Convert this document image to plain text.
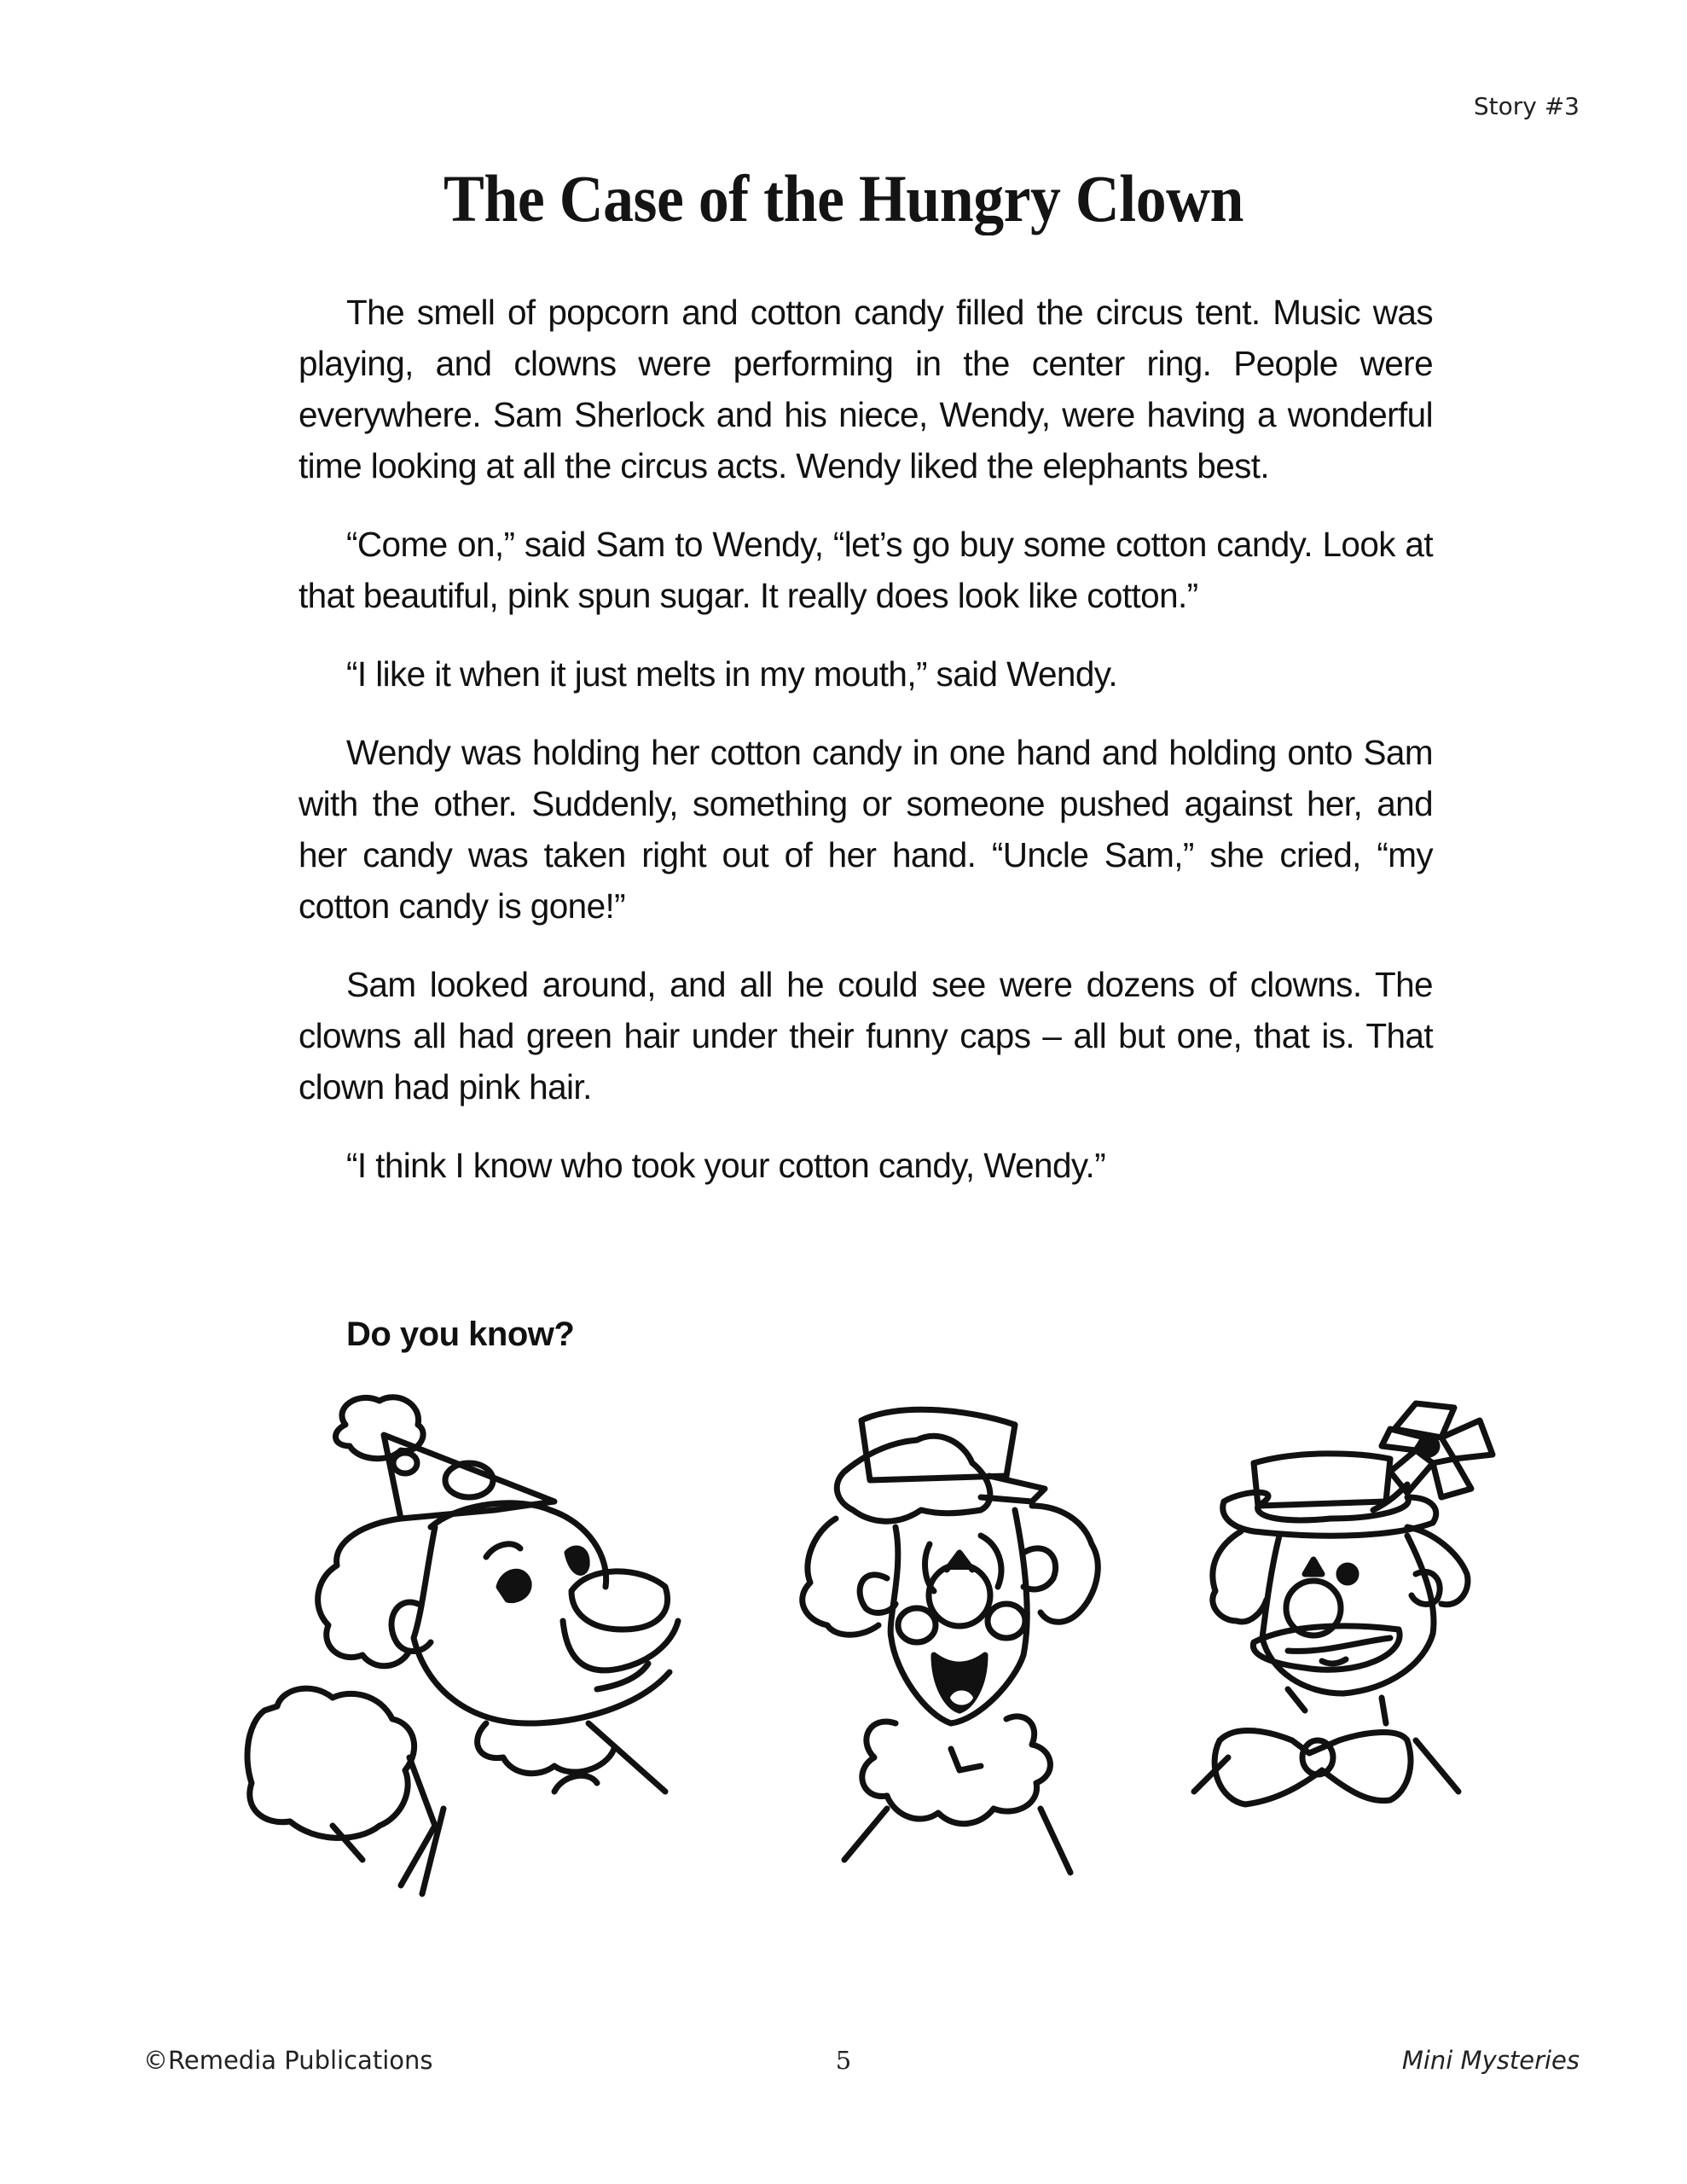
Story #3
The Case of the Hungry Clown

The smell of popcorn and cotton candy filled the circus tent. Music was playing, and clowns were performing in the center ring. People were everywhere. Sam Sherlock and his niece, Wendy, were having a wonderful time looking at all the circus acts. Wendy liked the elephants best.

“Come on,” said Sam to Wendy, “let’s go buy some cotton candy. Look at that beautiful, pink spun sugar. It really does look like cotton.”

“I like it when it just melts in my mouth,” said Wendy.

Wendy was holding her cotton candy in one hand and holding onto Sam with the other. Suddenly, something or someone pushed against her, and her candy was taken right out of her hand. “Uncle Sam,” she cried, “my cotton candy is gone!”

Sam looked around, and all he could see were dozens of clowns. The clowns all had green hair under their funny caps – all but one, that is. That clown had pink hair.

“I think I know who took your cotton candy, Wendy.”

Do you know?
©Remedia Publications	5	Mini Mysteries
